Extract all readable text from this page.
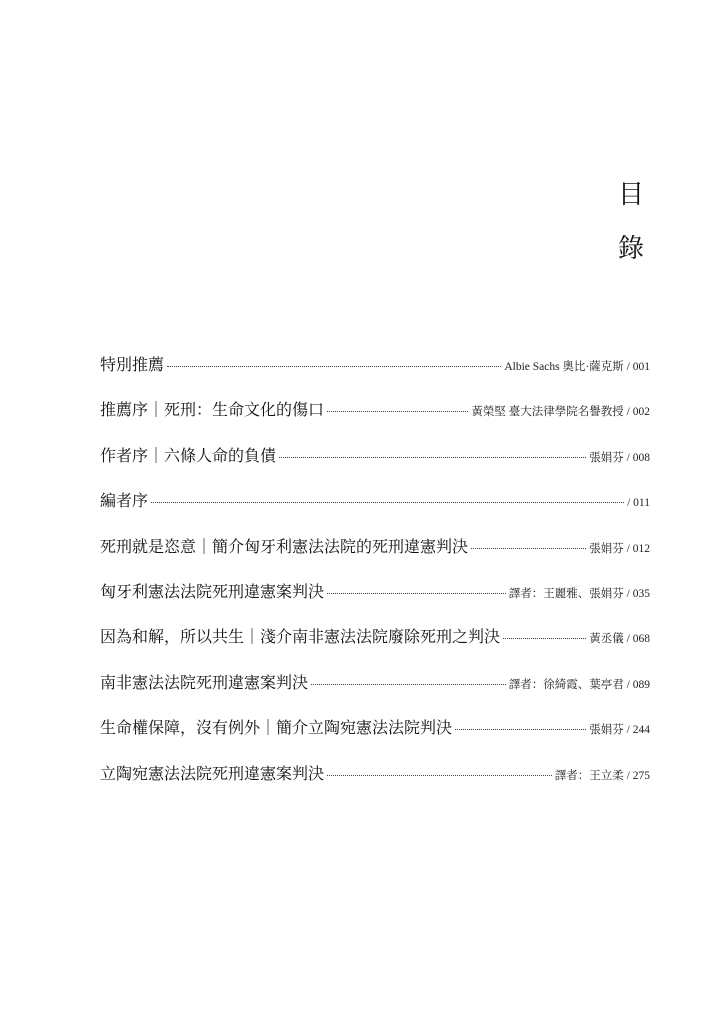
目
錄
特別推薦	Albie Sachs 奧比·薩克斯 / 001
推薦序｜死刑：生命文化的傷口	黃榮堅 臺大法律學院名譽教授 / 002
作者序｜六條人命的負債	張娟芬 / 008
編者序	/ 011
死刑就是恣意｜簡介匈牙利憲法法院的死刑違憲判決	張娟芬 / 012
匈牙利憲法法院死刑違憲案判決	譯者：王麗雅、張娟芬 / 035
因為和解，所以共生｜淺介南非憲法法院廢除死刑之判決	黃丞儀 / 068
南非憲法法院死刑違憲案判決	譯者：徐綺霞、葉亭君 / 089
生命權保障，沒有例外｜簡介立陶宛憲法法院判決	張娟芬 / 244
立陶宛憲法法院死刑違憲案判決	譯者：王立柔 / 275
